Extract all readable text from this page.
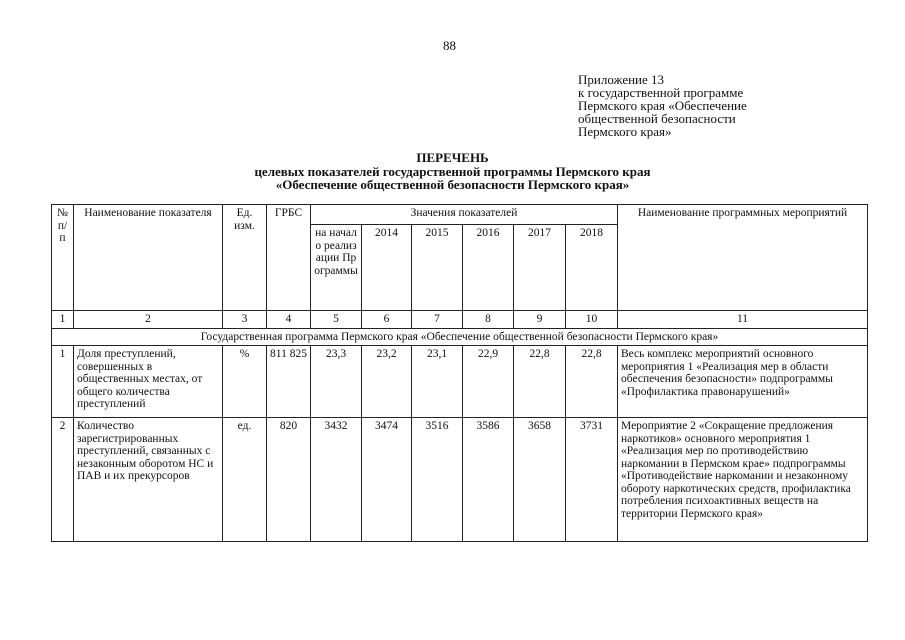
88
Приложение 13
к государственной программе
Пермского края «Обеспечение
общественной безопасности
Пермского края»
ПЕРЕЧЕНЬ
целевых показателей государственной программы Пермского края
«Обеспечение общественной безопасности Пермского края»
№ п/п	Наименование показателя	Ед. изм.	ГРБС	Значения показателей						Наименование программных мероприятий
				на начало реализации Программы	2014	2015	2016	2017	2018	
1	2	3	4	5	6	7	8	9	10	11
Государственная программа Пермского края «Обеспечение общественной безопасности Пермского края»										
1	Доля преступлений, совершенных в общественных местах, от общего количества преступлений	%	811 825	23,3	23,2	23,1	22,9	22,8	22,8	Весь комплекс мероприятий основного мероприятия 1 «Реализация мер в области обеспечения безопасности» подпрограммы «Профилактика правонарушений»
2	Количество зарегистрированных преступлений, связанных с незаконным оборотом НС и ПАВ и их прекурсоров	ед.	820	3432	3474	3516	3586	3658	3731	Мероприятие 2 «Сокращение предложения наркотиков» основного мероприятия 1 «Реализация мер по противодействию наркомании в Пермском крае» подпрограммы «Противодействие наркомании и незаконному обороту наркотических средств, профилактика потребления психоактивных веществ на территории Пермского края»
